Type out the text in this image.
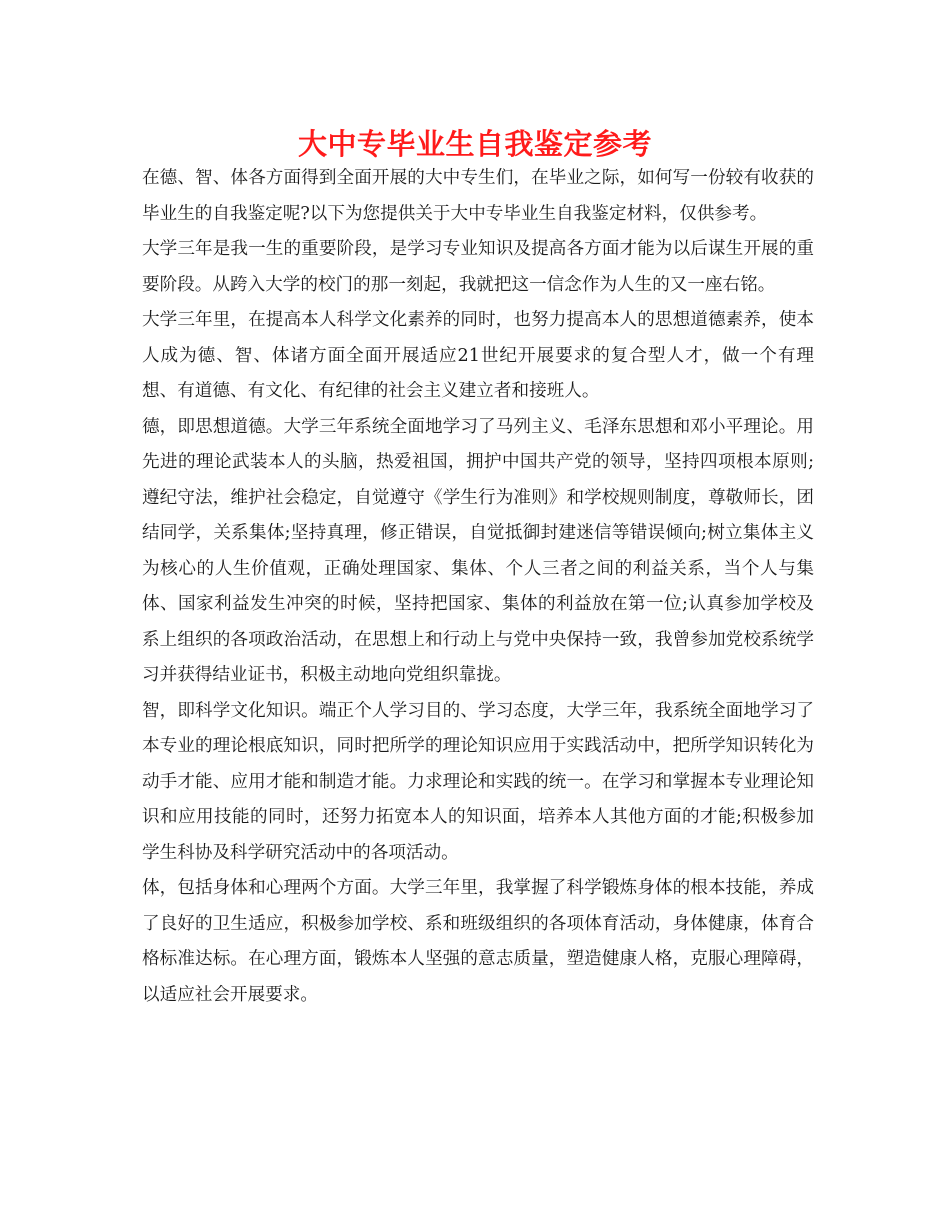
大中专毕业生自我鉴定参考

在德、智、体各方面得到全面开展的大中专生们，在毕业之际，如何写一份较有收获的毕业生的自我鉴定呢?以下为您提供关于大中专毕业生自我鉴定材料，仅供参考。

大学三年是我一生的重要阶段，是学习专业知识及提高各方面才能为以后谋生开展的重要阶段。从跨入大学的校门的那一刻起，我就把这一信念作为人生的又一座右铭。

大学三年里，在提高本人科学文化素养的同时，也努力提高本人的思想道德素养，使本人成为德、智、体诸方面全面开展适应21世纪开展要求的复合型人才，做一个有理想、有道德、有文化、有纪律的社会主义建立者和接班人。

德，即思想道德。大学三年系统全面地学习了马列主义、毛泽东思想和邓小平理论。用先进的理论武装本人的头脑，热爱祖国，拥护中国共产党的领导，坚持四项根本原则;遵纪守法，维护社会稳定，自觉遵守《学生行为准则》和学校规则制度，尊敬师长，团结同学，关系集体;坚持真理，修正错误，自觉抵御封建迷信等错误倾向;树立集体主义为核心的人生价值观，正确处理国家、集体、个人三者之间的利益关系，当个人与集体、国家利益发生冲突的时候，坚持把国家、集体的利益放在第一位;认真参加学校及系上组织的各项政治活动，在思想上和行动上与党中央保持一致，我曾参加党校系统学习并获得结业证书，积极主动地向党组织靠拢。

智，即科学文化知识。端正个人学习目的、学习态度，大学三年，我系统全面地学习了本专业的理论根底知识，同时把所学的理论知识应用于实践活动中，把所学知识转化为动手才能、应用才能和制造才能。力求理论和实践的统一。在学习和掌握本专业理论知识和应用技能的同时，还努力拓宽本人的知识面，培养本人其他方面的才能;积极参加学生科协及科学研究活动中的各项活动。

体，包括身体和心理两个方面。大学三年里，我掌握了科学锻炼身体的根本技能，养成了良好的卫生适应，积极参加学校、系和班级组织的各项体育活动，身体健康，体育合格标准达标。在心理方面，锻炼本人坚强的意志质量，塑造健康人格，克服心理障碍，以适应社会开展要求。
